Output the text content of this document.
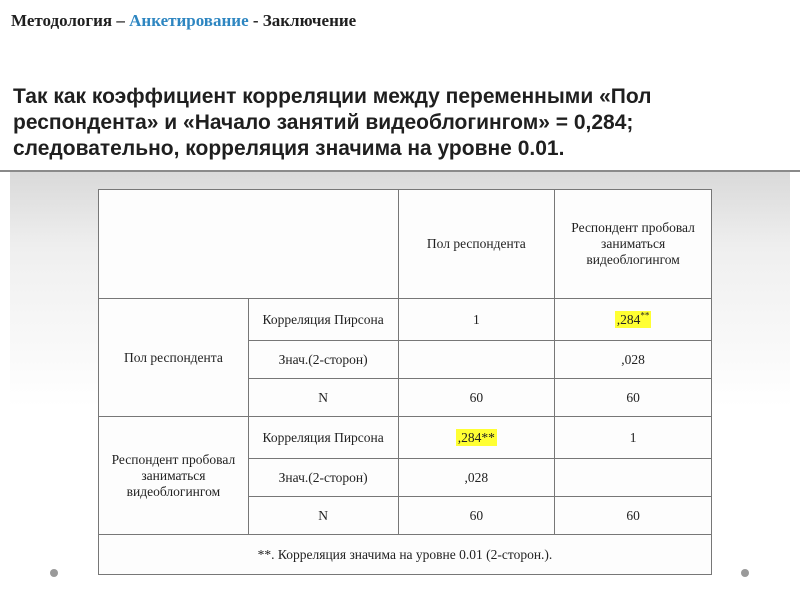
Методология – Анкетирование - Заключение
Так как коэффициент корреляции между переменными «Пол респондента» и «Начало занятий видеоблогингом» = 0,284; следовательно, корреляция значима на уровне 0.01.
		Пол респондента	Респондент пробовал заниматься видеоблогингом
Пол респондента	Корреляция Пирсона	1	,284**
	Знач.(2-сторон)		,028
	N	60	60
Респондент пробовал заниматься видеоблогингом	Корреляция Пирсона	,284**	1
	Знач.(2-сторон)	,028	
	N	60	60
**. Корреляция значима на уровне 0.01 (2-сторон.).			
